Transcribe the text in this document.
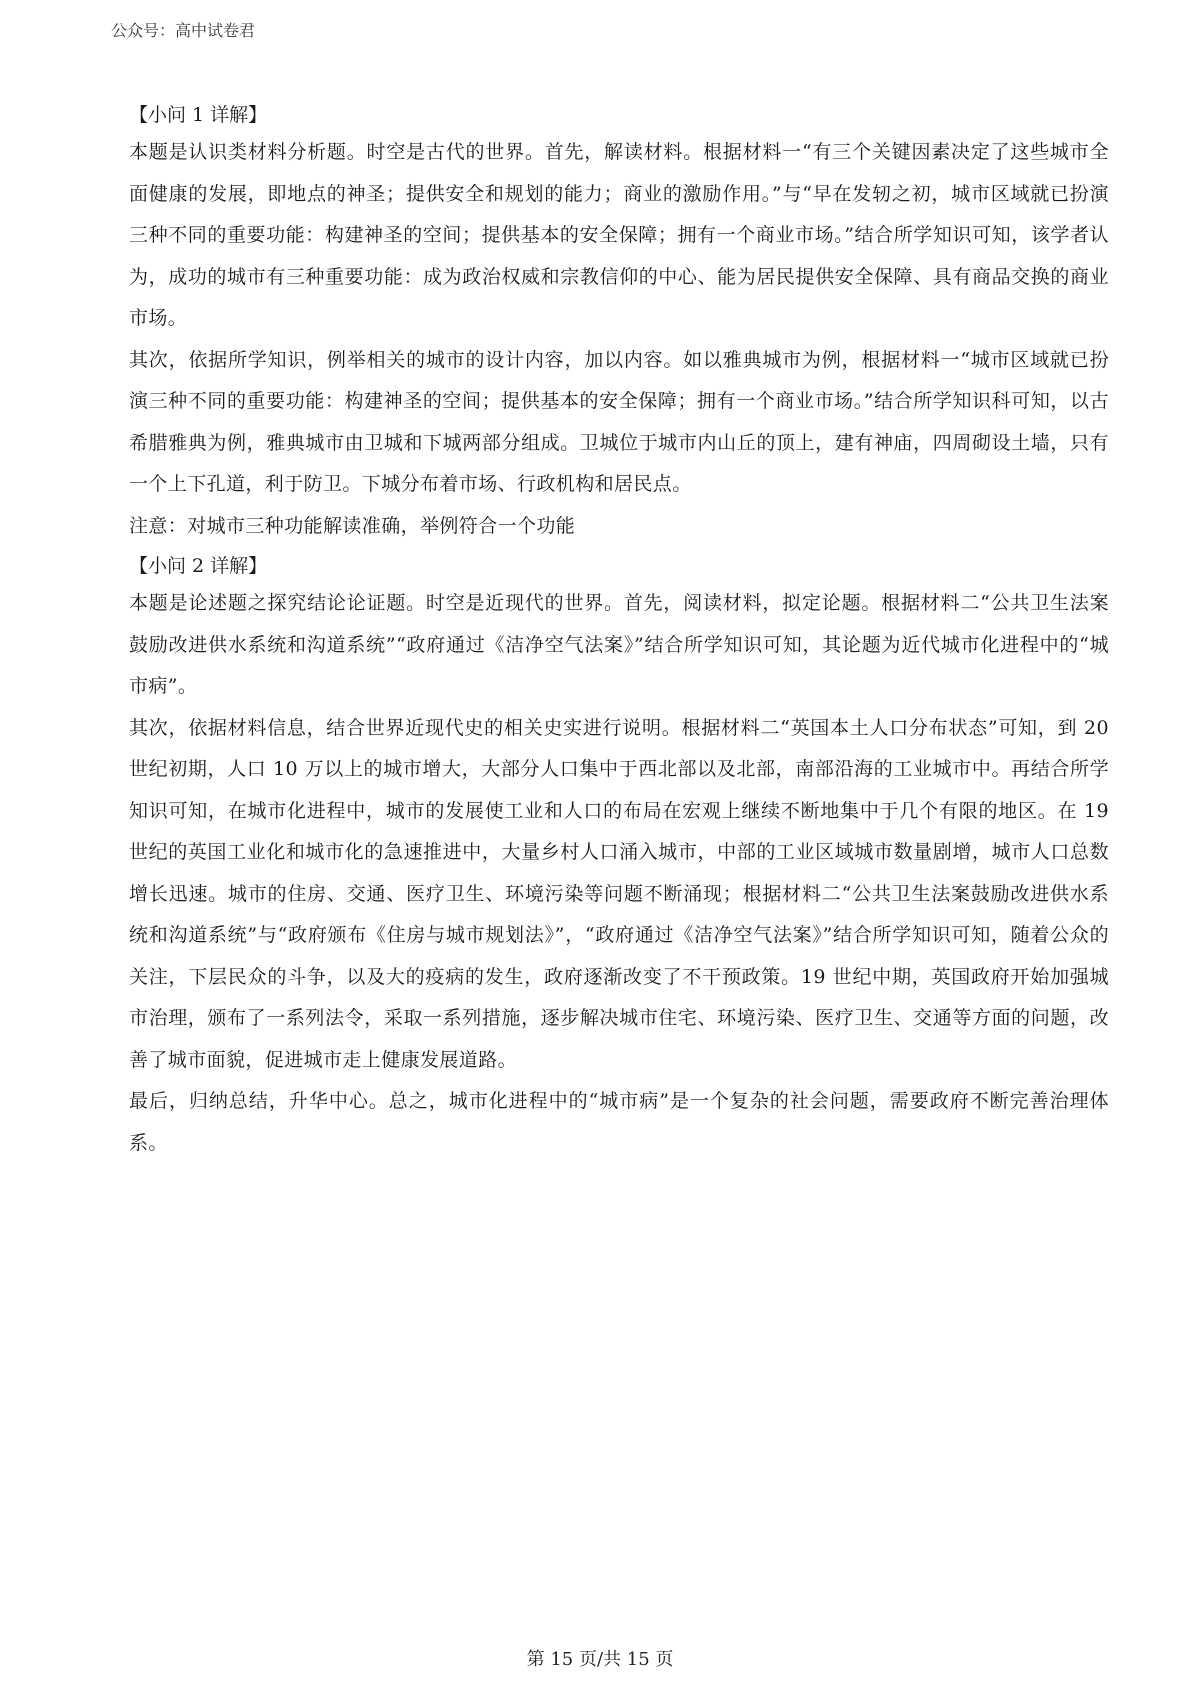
公众号：高中试卷君
【小问 1 详解】

本题是认识类材料分析题。时空是古代的世界。首先，解读材料。根据材料一“有三个关键因素决定了这些城市全面健康的发展，即地点的神圣；提供安全和规划的能力；商业的激励作用。”与“早在发轫之初，城市区域就已扮演三种不同的重要功能：构建神圣的空间；提供基本的安全保障；拥有一个商业市场。”结合所学知识可知，该学者认为，成功的城市有三种重要功能：成为政治权威和宗教信仰的中心、能为居民提供安全保障、具有商品交换的商业市场。

其次，依据所学知识，例举相关的城市的设计内容，加以内容。如以雅典城市为例，根据材料一“城市区域就已扮演三种不同的重要功能：构建神圣的空间；提供基本的安全保障；拥有一个商业市场。”结合所学知识科可知，以古希腊雅典为例，雅典城市由卫城和下城两部分组成。卫城位于城市内山丘的顶上，建有神庙，四周砌设土墙，只有一个上下孔道，利于防卫。下城分布着市场、行政机构和居民点。

注意：对城市三种功能解读准确，举例符合一个功能

【小问 2 详解】

本题是论述题之探究结论论证题。时空是近现代的世界。首先，阅读材料，拟定论题。根据材料二“公共卫生法案鼓励改进供水系统和沟道系统”“政府通过《洁净空气法案》”结合所学知识可知，其论题为近代城市化进程中的“城市病”。

其次，依据材料信息，结合世界近现代史的相关史实进行说明。根据材料二“英国本土人口分布状态”可知，到 20 世纪初期，人口 10 万以上的城市增大，大部分人口集中于西北部以及北部，南部沿海的工业城市中。再结合所学知识可知，在城市化进程中，城市的发展使工业和人口的布局在宏观上继续不断地集中于几个有限的地区。在 19 世纪的英国工业化和城市化的急速推进中，大量乡村人口涌入城市，中部的工业区域城市数量剧增，城市人口总数增长迅速。城市的住房、交通、医疗卫生、环境污染等问题不断涌现；根据材料二“公共卫生法案鼓励改进供水系统和沟道系统”与“政府颁布《住房与城市规划法》”，“政府通过《洁净空气法案》”结合所学知识可知，随着公众的关注，下层民众的斗争，以及大的疫病的发生，政府逐渐改变了不干预政策。19 世纪中期，英国政府开始加强城市治理，颁布了一系列法令，采取一系列措施，逐步解决城市住宅、环境污染、医疗卫生、交通等方面的问题，改善了城市面貌，促进城市走上健康发展道路。

最后，归纳总结，升华中心。总之，城市化进程中的“城市病”是一个复杂的社会问题，需要政府不断完善治理体系。

第 15 页/共 15 页
